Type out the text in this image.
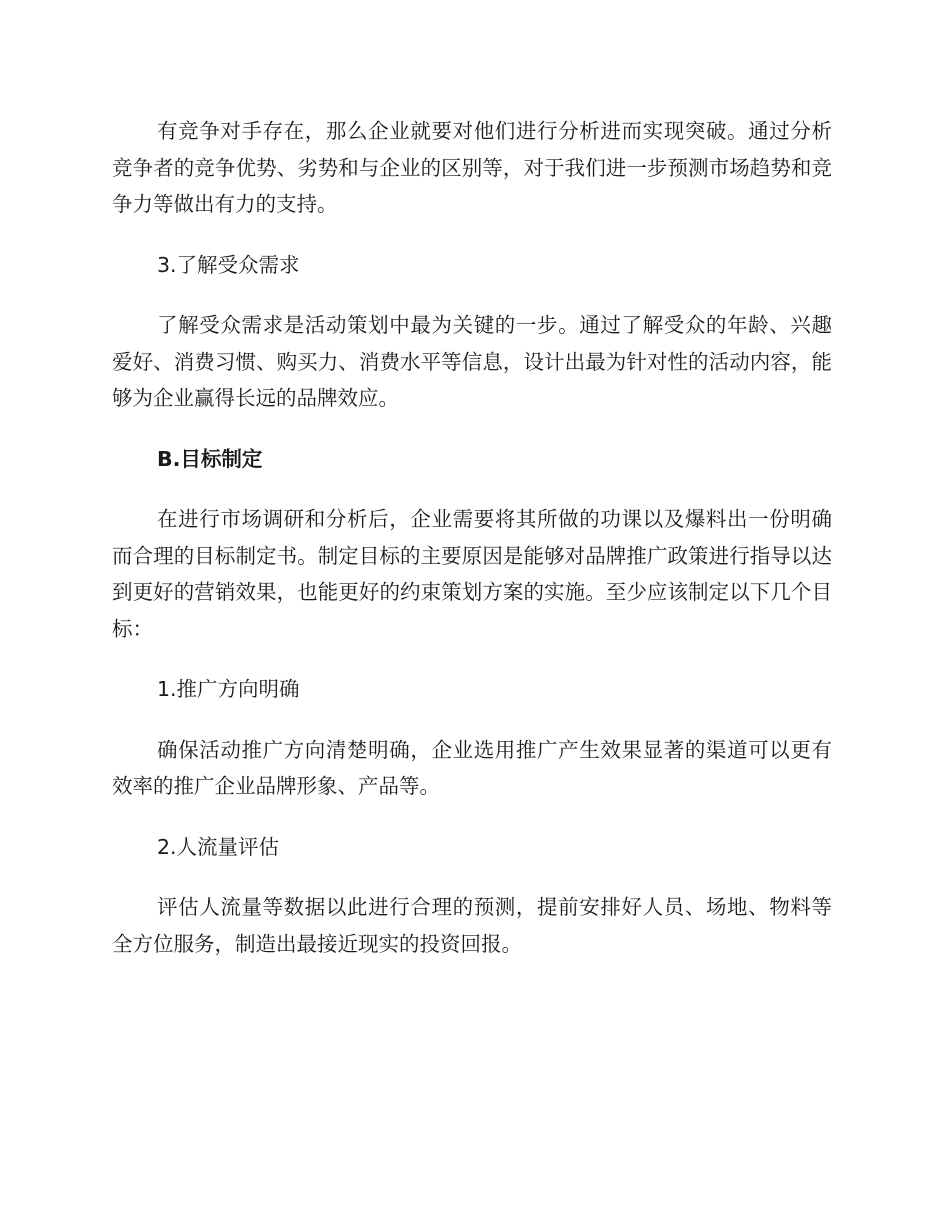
有竞争对手存在，那么企业就要对他们进行分析进而实现突破。通过分析竞争者的竞争优势、劣势和与企业的区别等，对于我们进一步预测市场趋势和竞争力等做出有力的支持。

3.了解受众需求

了解受众需求是活动策划中最为关键的一步。通过了解受众的年龄、兴趣爱好、消费习惯、购买力、消费水平等信息，设计出最为针对性的活动内容，能够为企业赢得长远的品牌效应。

B.目标制定

在进行市场调研和分析后，企业需要将其所做的功课以及爆料出一份明确而合理的目标制定书。制定目标的主要原因是能够对品牌推广政策进行指导以达到更好的营销效果，也能更好的约束策划方案的实施。至少应该制定以下几个目标：

1.推广方向明确

确保活动推广方向清楚明确，企业选用推广产生效果显著的渠道可以更有效率的推广企业品牌形象、产品等。

2.人流量评估

评估人流量等数据以此进行合理的预测，提前安排好人员、场地、物料等全方位服务，制造出最接近现实的投资回报。
